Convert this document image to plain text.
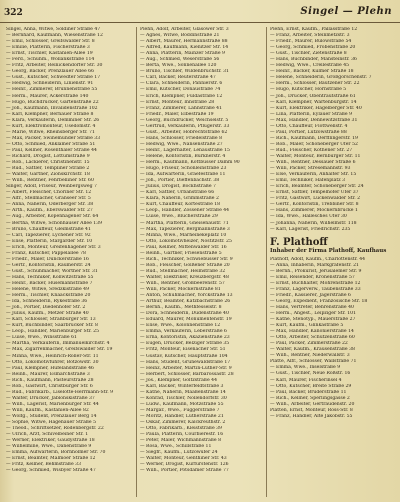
322	Singel — Plehn
Singel, Anna, Witwe, Soldiner Straße 47
— Bernhard, Kaufmann, Wiesenstraße 12
— Emil, Schlosser, Greifswalder Str. 8
— Emilie, Plätterin, Fischerstraße 3
— Ernst, Tischler, Kastanien-Allee 19
— Ferd., Schuhm., Wollankstraße 114
— Fritz, Arbeiter, Reinickendorfer Str. 30
— Georg, Bäcker, Prenzlauer Allee 66
— Gust., Kutscher, Schwedter Straße 17
— Hedwig, Schneiderin, Linienstr. 91
— Heinr., Zimmerer, Brunnenstraße 55
— Herm., Maurer, Ackerstraße 140
— Hugo, Buchdrucker, Gartenstraße 22
— Joh., Kaufmann, Invalidenstraße 102
— Karl, Klempner, Bernauer Straße 8
— Klara, Verkäuferin, Demminer Str. 26
— Kurt, Elektromonteur, Usedomstr. 4
— Marie, Witwe, Rheinsberger Str. 71
— Max, Packer, Swinemünder Straße 33
— Otto, Schmied, Anklamer Straße 51
— Paul, Kellner, Rosenthaler Straße 44
— Richard, Drogist, Lottumstraße 9
— Rob., Lackierer, Christinenstr. 15
— Rud., Sattler, Templiner Straße 2
— Walter, Gärtner, Zionskirchstr. 18
— Wilh., Rentner, Fehrbelliner Str. 60
Singer, Adolf, Friseur, Weinbergsweg 7
— Albert, Fleischer, Choriner Str. 12
— Alfr., Stellmacher, Granseer Str. 5
— Anna, Näherin, Oderberger Str. 38
— Arth., Kaufm., Eberswalder Str. 27
— Aug., Arbeiter, Kopenhagener Str. 64
— Bertha, Witwe, Schönhauser Allee 139
— Bruno, Chauffeur, Gleimstraße 41
— Carl, Tapezierer, Lychener Str. 92
— Elise, Plätterin, Stargarder Str. 10
— Erich, Monteur, Greifenhagener Str. 3
— Franz, Kutscher, Pappelallee 78
— Friedr., Maler, Dunckerstraße 16
— Gertr., Kontoristin, Raumerstr. 24
— Gust., Schuhmacher, Wörther Str. 31
— Hans, Techniker, Kollwitzstraße 55
— Heinr., Bäcker, Husemannstraße 7
— Helene, Witwe, Sredzkistraße 49
— Herm., Tischler, Knaackstraße 20
— Ida, Schneiderin, Rykestraße 36
— Joh., Portier, Diedenhofer Str. 2
— Julius, Kaufm., Metzer Straße 40
— Karl, Schlosser, Straßburger Str. 13
— Kurt, Buchbinder, Saarbrücker Str. 8
— Leop., Händler, Marienburger Str. 25
— Luise, Wwe., Winsstraße 61
— Martha, Verkäuferin, Immanuelkirchstr. 4
— Max, Zigarrenmacher, Greifswalder Str. 19
— Minna, Wwe., Heinrich-Roller-Str. 11
— Otto, Lokomotivführer, Bötzowstr. 30
— Paul, Klempner, Hufelandstraße 46
— Reinh., Maurer, Esmarchstraße 3
— Rich., Kaufmann, Pasteurstraße 28
— Rob., Gastwirt, Christburger Str. 6
— Rud., Fabrikarb., Liselotte-Herrmann-Str. 9
— Walter, Drucker, Jablonskistraße 37
— Wilh., Lagerist, Marienburger Str. 44
— Willi, Kaufm., Kastanien-Allee 82
— Wolfg., Student, Prenzlauer Berg 14
— Sophie, Witwe, Hagenauer Straße 5
— Theod., Schriftsetzer, Rodenbergstr. 22
— Ulrich, Arzt, Schivelbeiner Str. 1
— Werner, Elektriker, Gaudystraße 18
— Wilhelmine, Wwe., Dänenstraße 9
— Emma, Aufwärterin, Bornholmer Str. 70
— Ernst, Beamter, Malmöer Straße 12
— Fritz, Kellner, Behmstraße 33
— Georg, Schmied, Wisbyer Straße 47
Plehn, Adolf, Arbeiter, Glasower Str. 3
— Agnes, Witwe, Boddinstraße 21
— Albert, Maurer, Hermannstraße 88
— Alfred, Kaufmann, Kienitzer Str. 14
— Anna, Plätterin, Mainzer Straße 9
— Aug., Schmied, Weserstraße 56
— Berta, Wwe., Sonnenallee 120
— Bruno, Tischler, Wildenbruchstr. 31
— Carl, Bäcker, Reuterstraße 47
— Clara, Schneiderin, Pannierstr. 6
— Emil, Kutscher, Donaustraße 74
— Erich, Klempner, Fuldastraße 12
— Ernst, Monteur, Innstraße 28
— Franz, Zimmerer, Lahnstraße 41
— Friedr., Maler, Elbestraße 19
— Georg, Buchdrucker, Weichselstr. 5
— Gertrud, Verkäuferin, Pflügerstr. 33
— Gust., Arbeiter, Hobrechtstraße 62
— Hans, Schlosser, Friedelstraße 8
— Hedwig, Wwe., Nansenstraße 27
— Heinr., Lagerhalter, Lenaustraße 15
— Helene, Kontoristin, Bürknerstr. 4
— Herm., Kaufmann, Kottbusser Damm 90
— Hugo, Friseur, Schönleinstraße 23
— Ida, Aufwärterin, Graefestraße 11
— Joh., Portier, Dieffenbachstr. 38
— Julius, Drogist, Böckhstraße 7
— Karl, Sattler, Urbanstraße 66
— Klara, Näherin, Grimmstraße 2
— Kurt, Chauffeur, Körtestraße 18
— Leop., Händler, Zossener Straße 44
— Luise, Wwe., Blücherstraße 29
— Martha, Plätterin, Gneisenaustr. 71
— Max, Tapezierer, Bergmannstraße 3
— Minna, Wwe., Marheinekeplatz 10
— Otto, Lokomotivheizer, Nostitzstr. 25
— Paul, Kellner, Mittenwalder Str. 16
— Reinh., Gärtner, Friesenstraße 5
— Rich., Techniker, Schwiebusser Str. 9
— Rob., Fleischer, Golßener Straße 20
— Rud., Stellmacher, Heimstraße 32
— Walter, Elektriker, Kreuzbergstr. 48
— Wilh., Rentner, Großbeerenstr. 57
— Willi, Packer, Möckernstraße 81
— Anton, Schuhmacher, Yorckstraße 13
— Arthur, Beamter, Katzbachstraße 26
— Bernh., Kaufm., Methfesselstr. 8
— Dora, Schneiderin, Dudenstraße 40
— Eduard, Maurer, Monumentenstr. 19
— Elise, Wwe., Kolonnenstraße 12
— Emma, Verkäuferin, Leberstraße 6
— Erna, Kontoristin, Akazienstraße 23
— Eugen, Drucker, Belziger Straße 35
— Fritz, Monteur, Eisenacher Str. 51
— Gustav, Kutscher, Hauptstraße 104
— Hans, Student, Grunewaldstraße 17
— Heinz, Arbeiter, Martin-Luther-Str. 9
— Herbert, Schlosser, Barbarossastr. 28
— Jos., Klempner, Goltzstraße 44
— Karl, Bäcker, Winterfeldtstraße 3
— Käthe, Näherin, Maaßenstraße 14
— Konrad, Tischler, Nollendorfstr. 30
— Ludw., Kaufmann, Motzstraße 55
— Margar., Wwe., Fuggerstraße 7
— Moritz, Händler, Lutherstraße 21
— Oskar, Zimmerer, Kalckreuthstr. 2
— Otto, Fabrikarb., Kleiststraße 39
— Paula, Plätterin, Courbièrestr. 16
— Peter, Maler, Wichmannstraße 8
— Rosa, Wwe., Schillstraße 11
— Siegfr., Kaufm., Lützowufer 24
— Walter, Monteur, Genthiner Str. 43
— Werner, Drogist, Kurfürstenstr. 126
— Wilh., Portier, Potsdamer Straße 77
Plehn, Ernst, Kaufm., Pallasstraße 12
— Franz, Arbeiter, Steinmetzstr. 3
— Friedr., Maurer, Bülowstraße 54
— Georg, Schmied, Frobenstraße 20
— Gust., Tischler, Zietenstraße 8
— Hans, Buchbinder, Mansteinstr. 36
— Hedwig, Wwe., Crellestraße 45
— Heinr., Bäcker, Kulmer Straße 18
— Helene, Schneiderin, Großgörschenstr. 7
— Herm., Schlosser, Bautzener Str. 22
— Hugo, Kutscher, Hornstraße 5
— Joh., Drucker, Obentrautstraße 61
— Karl, Klempner, Wartenburgstr. 14
— Kurt, Elektriker, Hagelberger Str. 40
— Lina, Plätterin, Eylauer Straße 9
— Max, Händler, Dennewitzstraße 31
— Otto, Chauffeur, Flottwellstr. 4
— Paul, Portier, Lützowstraße 88
— Rich., Kaufmann, Derfflingerstr. 19
— Rob., Maler, Schöneberger Ufer 52
— Rud., Fleischer, Köthener Str. 27
— Walter, Monteur, Bernburger Str. 11
— Wilh., Rentner, Dessauer Straße 6
— Willi, Packer, Stresemannstr. 93
— Else, Verkäuferin, Anhalter Str. 15
— Emil, Techniker, Hafenplatz 3
— Erich, Beamter, Schöneberger Str. 24
— Ernst, Sattler, Tempelhofer Ufer 37
— Fritz, Gastwirt, Luckenwalder Str. 2
— Gertr., Kontoristin, Trebbiner Str. 8
— Hans, Zimmerer, Möckernbrücke 1
— Ida, Wwe., Hallesches Ufer 30
— Johanna, Näherin, Wilhelmstr. 118
— Karl, Lagerist, Friedrichstr. 235
F. Plathoff
Inhaber der Firma Plathoff, Kaufhaus
Plathoff, Adolf, Kaufm., Charlottenstr. 44
— Anna, Inhaberin, Markgrafenstr. 21
— Bernh., Prokurist, Jerusalemer Str. 9
— Emil, Reisender, Kronenstraße 57
— Ernst, Buchhalter, Mohrenstraße 12
— Franz, Lagerverw., Taubenstraße 33
— Friedr., Kassierer, Jägerstraße 6
— Georg, Expedient, Französische Str. 18
— Hans, Vertreter, Behrenstraße 40
— Herm., Angest., Leipziger Str. 101
— Käthe, Stenotyp., Mauerstraße 27
— Kurt, Kaufm., Glinkastraße 5
— Max, Händler, Kanonierstraße 14
— Otto, Arbeiter, Schützenstraße 60
— Paul, Packer, Zimmerstraße 22
— Walter, Kaufm., Krausenstraße 38
— Wilh., Rentner, Niederwallstr. 3
Platte, Alfr., Schlosser, Wallstraße 71
— Emma, Wwe., Inselstraße 9
— Gust., Tischler, Neue Roßstr. 16
— Karl, Maurer, Fischerinsel 4
— Otto, Kutscher, Breite Straße 29
— Paul, Bäcker, Brüderstraße 11
— Rich., Kellner, Sperlingsgasse 2
— Wilh., Arbeiter, Gertraudenstr. 20
Platten, Ernst, Monteur, Ross-Str. 8
— Franz, Händler, Alte Jakobstr. 55
